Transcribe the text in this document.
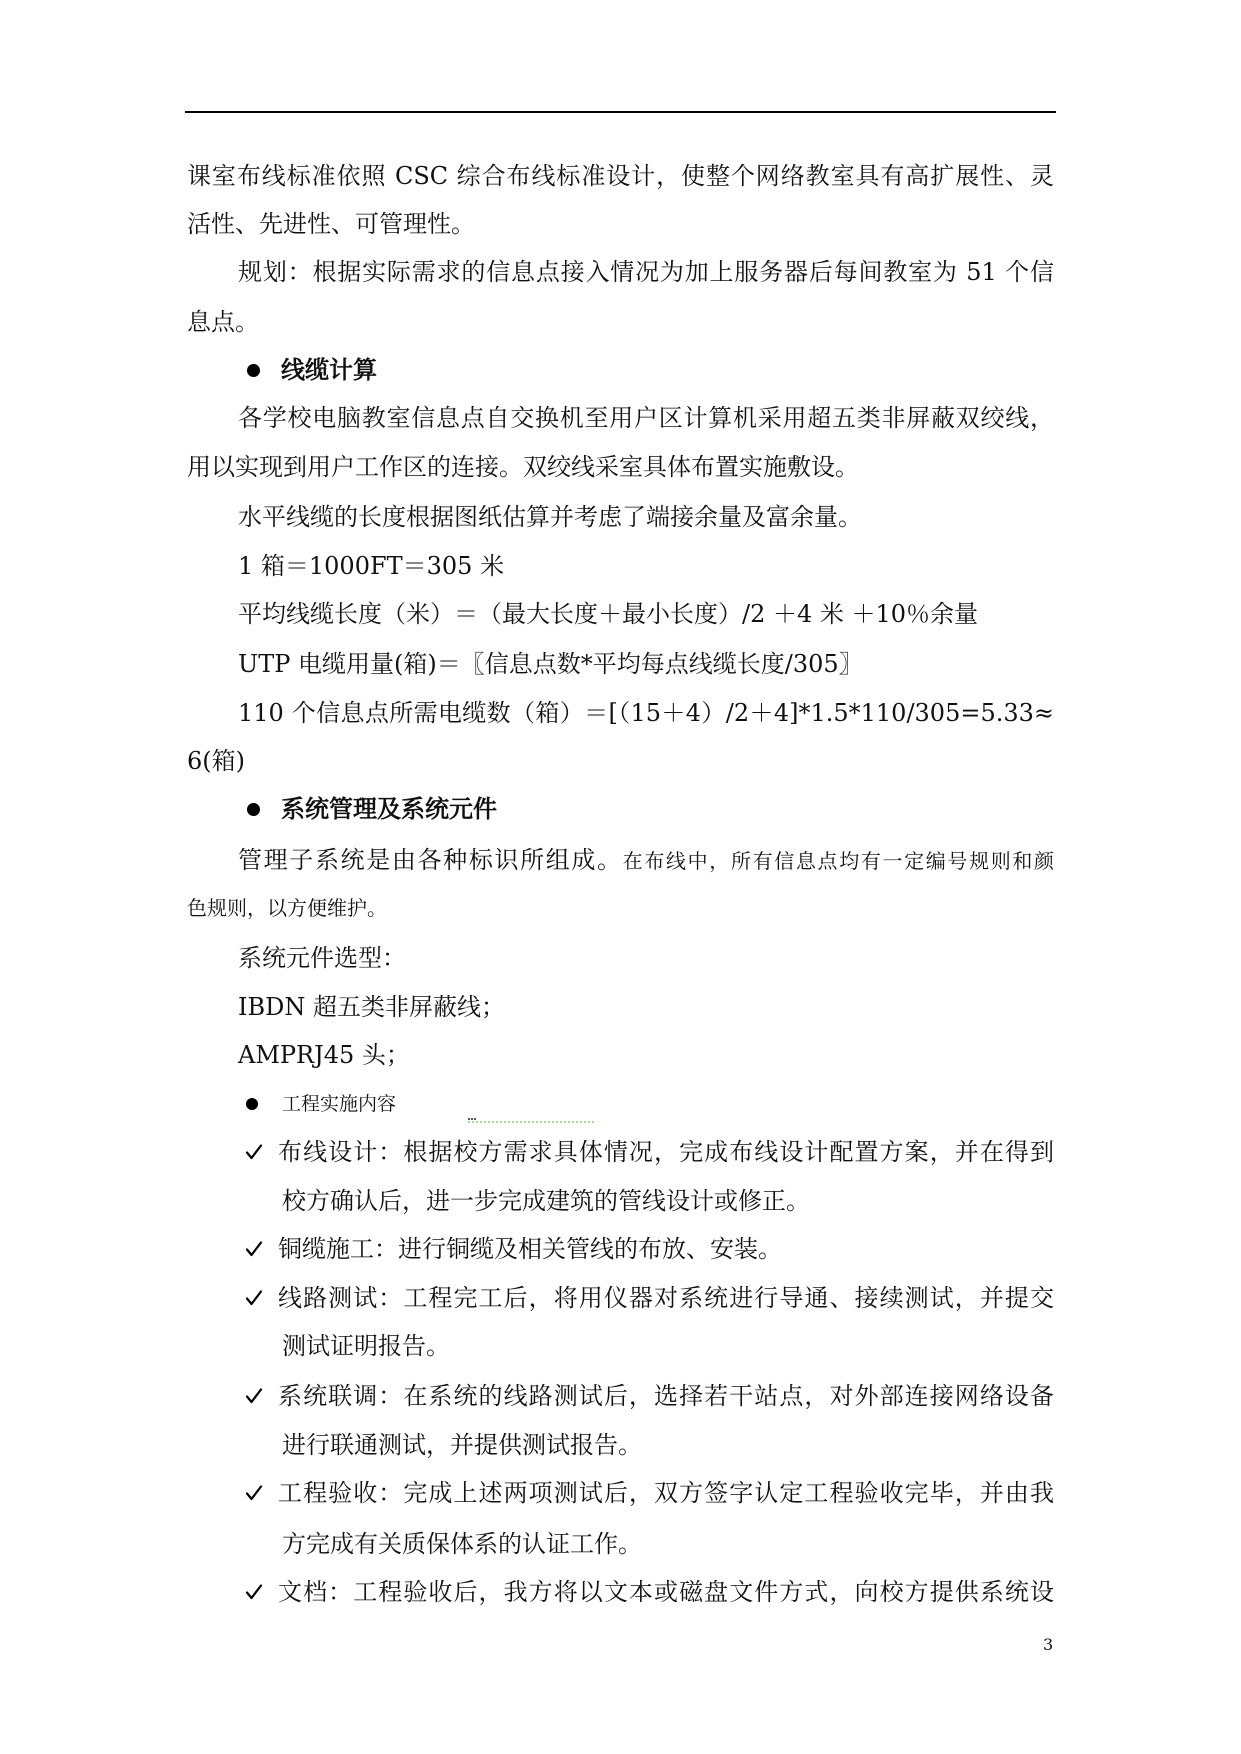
课室布线标准依照 CSC 综合布线标准设计，使整个网络教室具有高扩展性、灵
活性、先进性、可管理性。
规划：根据实际需求的信息点接入情况为加上服务器后每间教室为 51 个信
息点。
线缆计算
各学校电脑教室信息点自交换机至用户区计算机采用超五类非屏蔽双绞线，
用以实现到用户工作区的连接。双绞线采室具体布置实施敷设。
水平线缆的长度根据图纸估算并考虑了端接余量及富余量。
1 箱＝1000FT＝305 米
平均线缆长度（米）＝（最大长度＋最小长度）/2 ＋4 米 ＋10％余量
UTP 电缆用量(箱)＝〖信息点数*平均每点线缆长度/305〗
110 个信息点所需电缆数（箱）＝[（15＋4）/2＋4]*1.5*110/305=5.33≈
6(箱)
系统管理及系统元件
管理子系统是由各种标识所组成。在布线中，所有信息点均有一定编号规则和颜
色规则，以方便维护。
系统元件选型：
IBDN 超五类非屏蔽线；
AMPRJ45 头；
工程实施内容
布线设计：根据校方需求具体情况，完成布线设计配置方案，并在得到
校方确认后，进一步完成建筑的管线设计或修正。
铜缆施工：进行铜缆及相关管线的布放、安装。
线路测试：工程完工后，将用仪器对系统进行导通、接续测试，并提交
测试证明报告。
系统联调：在系统的线路测试后，选择若干站点，对外部连接网络设备
进行联通测试，并提供测试报告。
工程验收：完成上述两项测试后，双方签字认定工程验收完毕，并由我
方完成有关质保体系的认证工作。
文档：工程验收后，我方将以文本或磁盘文件方式，向校方提供系统设
3
